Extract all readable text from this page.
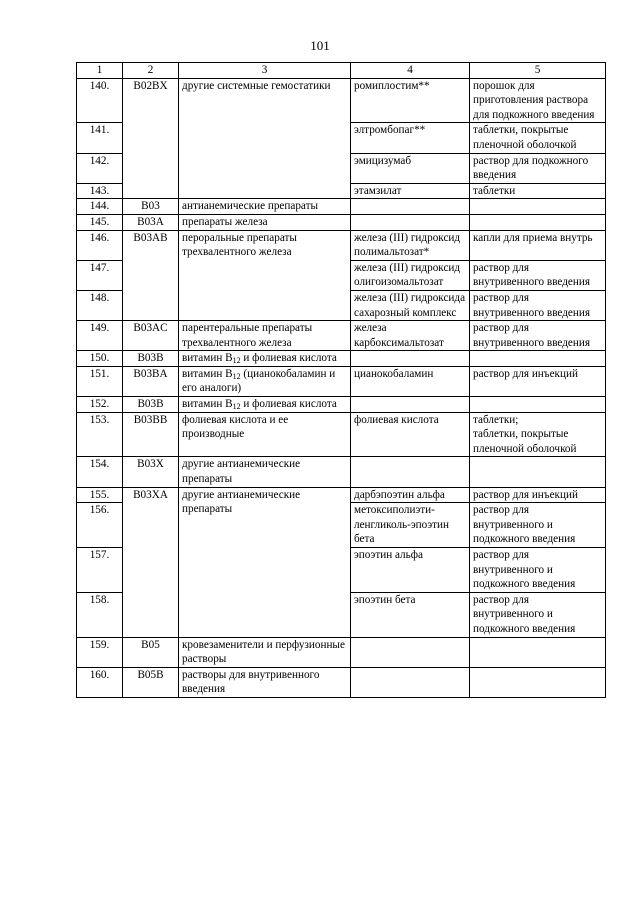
101
1	2	3	4	5
140.	B02BX	другие системные гемостатики	ромиплостим**	порошок для приготовления раствора для подкожного введения
141.			элтромбопаг**	таблетки, покрытые пленочной оболочкой
142.			эмицизумаб	раствор для подкожного введения
143.			этамзилат	таблетки
144.	B03	антианемические препараты		
145.	B03A	препараты железа		
146.	B03AB	пероральные препараты трехвалентного железа	железа (III) гидроксид полимальтозат*	капли для приема внутрь
147.			железа (III) гидроксид олигоизомальтозат	раствор для внутривенного введения
148.			железа (III) гидроксида сахарозный комплекс	раствор для внутривенного введения
149.	B03AC	парентеральные препараты трехвалентного железа	железа карбоксимальтозат	раствор для внутривенного введения
150.	B03B	витамин $B_{12}$ и фолиевая кислота		
151.	B03BA	витамин $B_{12}$ (цианокобаламин и его аналоги)	цианокобаламин	раствор для инъекций
152.	B03B	витамин $B_{12}$ и фолиевая кислота		
153.	B03BB	фолиевая кислота и ее производные	фолиевая кислота	таблетки;
таблетки, покрытые пленочной оболочкой

154.	B03X	другие антианемические препараты		
155.	B03XA	другие антианемические препараты	дарбэпоэтин альфа	раствор для инъекций
156.			метоксиполиэти-ленгликоль-эпоэтин бета	раствор для внутривенного и подкожного введения
157.			эпоэтин альфа	раствор для внутривенного и подкожного введения
158.			эпоэтин бета	раствор для внутривенного и подкожного введения
159.	B05	кровезаменители и перфузионные растворы		
160.	B05B	растворы для внутривенного введения		
